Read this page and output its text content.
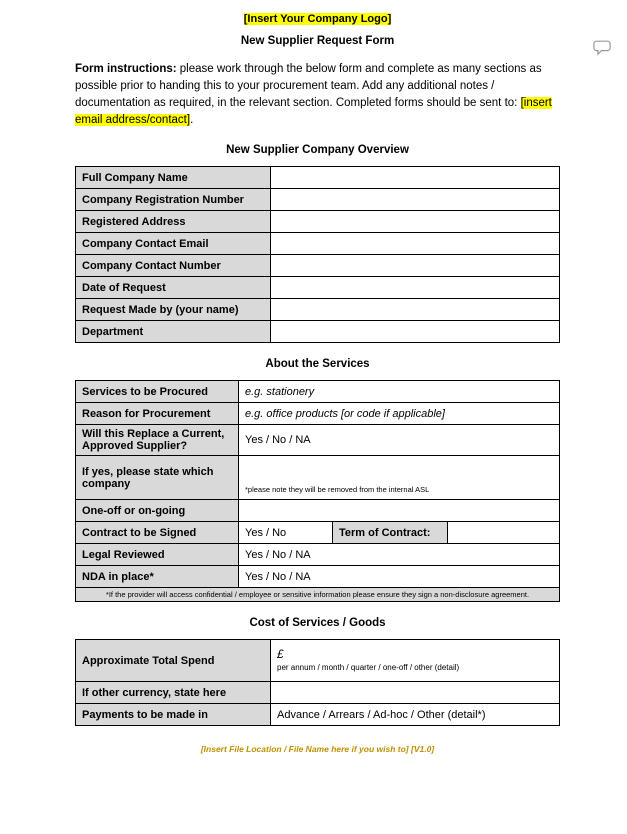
[Insert Your Company Logo]
New Supplier Request Form
Form instructions: please work through the below form and complete as many sections as possible prior to handing this to your procurement team. Add any additional notes / documentation as required, in the relevant section. Completed forms should be sent to: [insert email address/contact].
New Supplier Company Overview
Full Company Name	
Company Registration Number	
Registered Address	
Company Contact Email	
Company Contact Number	
Date of Request	
Request Made by (your name)	
Department	
About the Services
Services to be Procured	e.g. stationery		
Reason for Procurement	e.g. office products [or code if applicable]		
Will this Replace a Current, Approved Supplier?	Yes / No / NA		
If yes, please state which company	*please note they will be removed from the internal ASL		
One-off or on-going			
Contract to be Signed	Yes / No	Term of Contract:	
Legal Reviewed	Yes / No / NA		
NDA in place*	Yes / No / NA		
*If the provider will access confidential / employee or sensitive information please ensure they sign a non-disclosure agreement.			
Cost of Services / Goods
Approximate Total Spend	£
per annum / month / quarter / one-off / other (detail)

If other currency, state here	
Payments to be made in	Advance / Arrears / Ad-hoc / Other (detail*)
[Insert File Location / File Name here if you wish to] [V1.0]
